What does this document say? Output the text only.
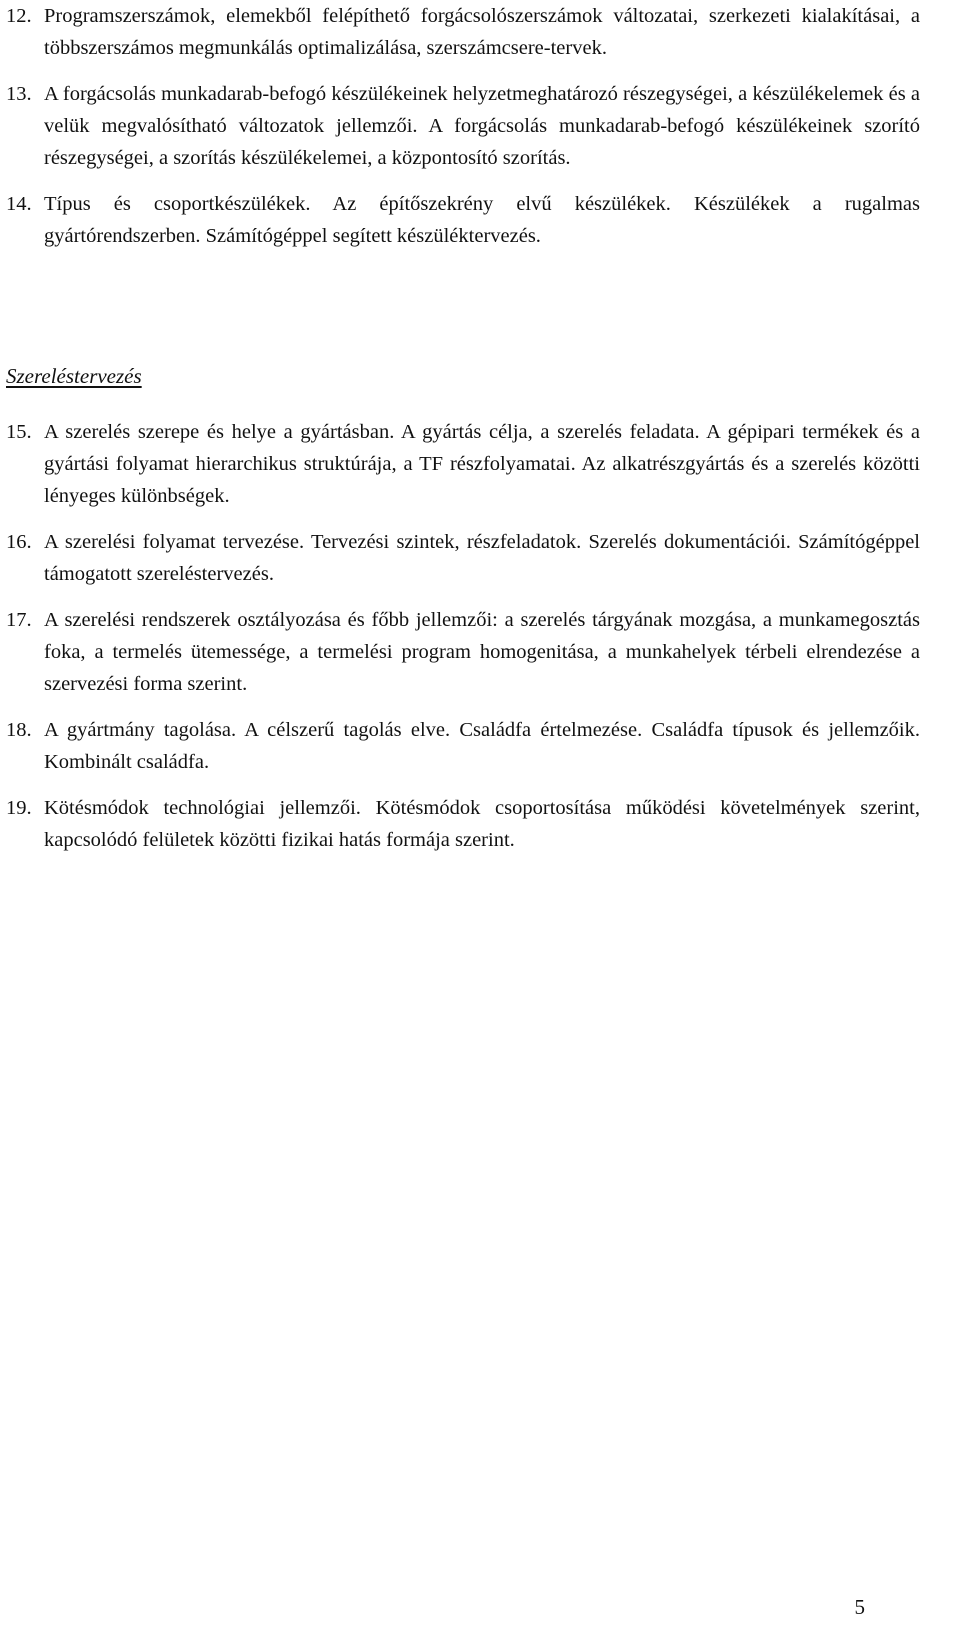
12. Programszerszámok, elemekből felépíthető forgácsolószerszámok változatai, szerkezeti kialakításai, a többszerszámos megmunkálás optimalizálása, szerszámcsere-tervek.
13. A forgácsolás munkadarab-befogó készülékeinek helyzetmeghatározó részegységei, a készülékelemek és a velük megvalósítható változatok jellemzői. A forgácsolás munkadarab-befogó készülékeinek szorító részegységei, a szorítás készülékelemei, a központosító szorítás.
14. Típus és csoportkészülékek. Az építőszekrény elvű készülékek. Készülékek a rugalmas gyártórendszerben. Számítógéppel segített készüléktervezés.
Szereléstervezés
15. A szerelés szerepe és helye a gyártásban. A gyártás célja, a szerelés feladata. A gépipari termékek és a gyártási folyamat hierarchikus struktúrája, a TF részfolyamatai. Az alkatrészgyártás és a szerelés közötti lényeges különbségek.
16. A szerelési folyamat tervezése. Tervezési szintek, részfeladatok. Szerelés dokumentációi. Számítógéppel támogatott szereléstervezés.
17. A szerelési rendszerek osztályozása és főbb jellemzői: a szerelés tárgyának mozgása, a munkamegosztás foka, a termelés ütemessége, a termelési program homogenitása, a munkahelyek térbeli elrendezése a szervezési forma szerint.
18. A gyártmány tagolása. A célszerű tagolás elve. Családfa értelmezése. Családfa típusok és jellemzőik. Kombinált családfa.
19. Kötésmódok technológiai jellemzői. Kötésmódok csoportosítása működési követelmények szerint, kapcsolódó felületek közötti fizikai hatás formája szerint.
5
